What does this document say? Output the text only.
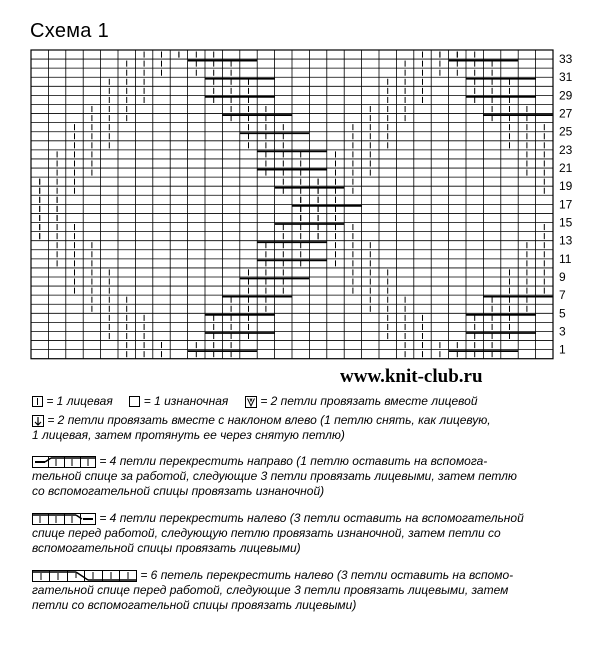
Схема 1
33
31
29
27
25
23
21
19
17
15
13
11
9
7
5
3
1
www.knit-club.ru
= 1 лицевая	= 1 изнаночная	= 2 петли провязать вместе лицевой
= 2 петли провязать вместе с наклоном влево (1 петлю снять, как лицевую,
1 лицевая, затем протянуть ее через снятую петлю)
= 4 петли перекрестить направо (1 петлю оставить на вспомога-
тельной спице за работой, следующие 3 петли провязать лицевыми, затем петлю
со вспомогательной спицы провязать изнаночной)
= 4 петли перекрестить налево (3 петли оставить на вспомогательной
спице перед работой, следующую петлю провязать изнаночной, затем петли со
вспомогательной спицы провязать лицевыми)
= 6 петель перекрестить налево (3 петли оставить на вспомо-
гательной спице перед работой, следующие 3 петли провязать лицевыми, затем
петли со вспомогательной спицы провязать лицевыми)
